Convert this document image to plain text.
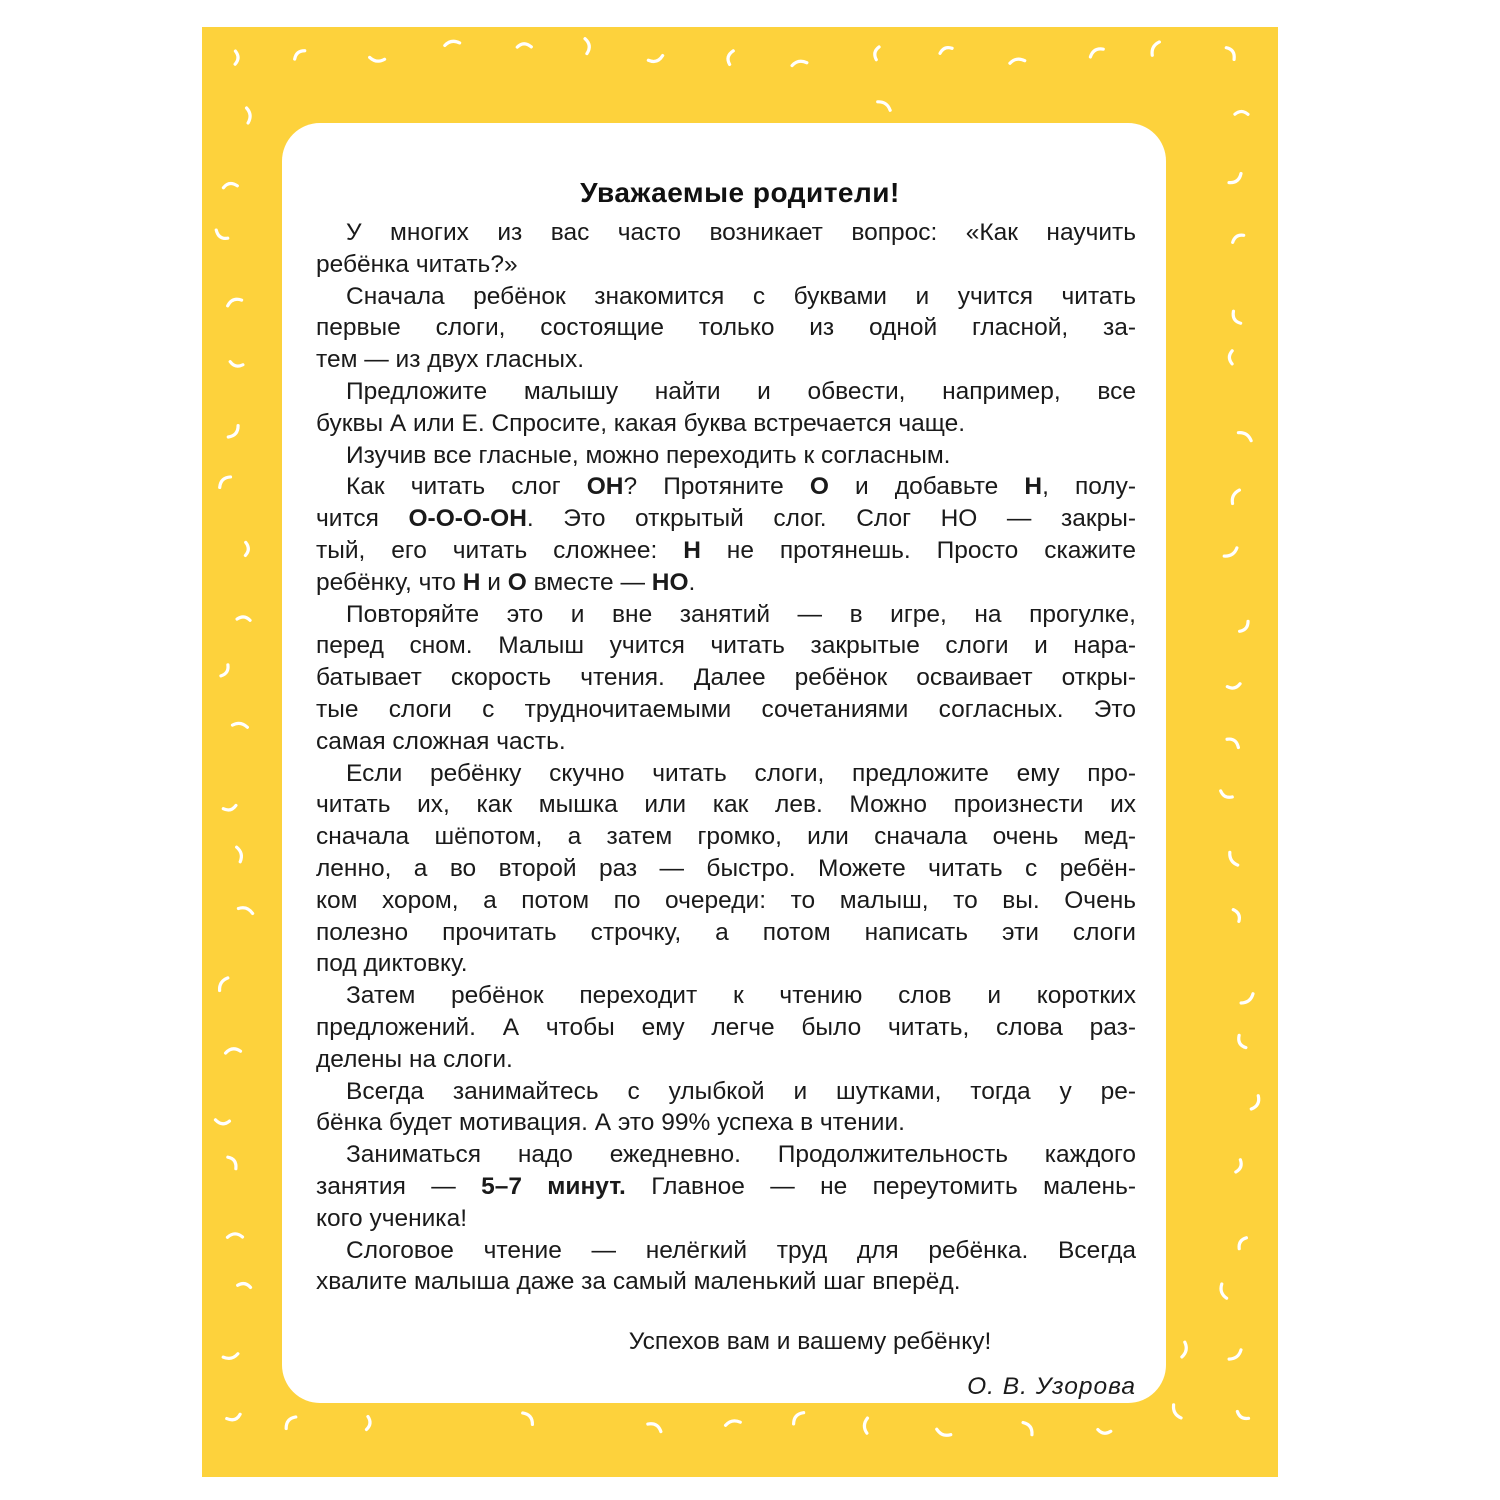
Уважаемые родители!
У многих из вас часто возникает вопрос: «Как научить
ребёнка читать?»
Сначала ребёнок знакомится с буквами и учится читать
первые слоги, состоящие только из одной гласной, за-
тем — из двух гласных.
Предложите малышу найти и обвести, например, все
буквы А или Е. Спросите, какая буква встречается чаще.
Изучив все гласные, можно переходить к согласным.
Как читать слог ОН? Протяните О и добавьте Н, полу-
чится О-О-О-ОН. Это открытый слог. Слог НО — закры-
тый, его читать сложнее: Н не протянешь. Просто скажите
ребёнку, что Н и О вместе — НО.
Повторяйте это и вне занятий — в игре, на прогулке,
перед сном. Малыш учится читать закрытые слоги и нара-
батывает скорость чтения. Далее ребёнок осваивает откры-
тые слоги с трудночитаемыми сочетаниями согласных. Это
самая сложная часть.
Если ребёнку скучно читать слоги, предложите ему про-
читать их, как мышка или как лев. Можно произнести их
сначала шёпотом, а затем громко, или сначала очень мед-
ленно, а во второй раз — быстро. Можете читать с ребён-
ком хором, а потом по очереди: то малыш, то вы. Очень
полезно прочитать строчку, а потом написать эти слоги
под диктовку.
Затем ребёнок переходит к чтению слов и коротких
предложений. А чтобы ему легче было читать, слова раз-
делены на слоги.
Всегда занимайтесь с улыбкой и шутками, тогда у ре-
бёнка будет мотивация. А это 99% успеха в чтении.
Заниматься надо ежедневно. Продолжительность каждого
занятия — 5–7 минут. Главное — не переутомить малень-
кого ученика!
Слоговое чтение — нелёгкий труд для ребёнка. Всегда
хвалите малыша даже за самый маленький шаг вперёд.

Успехов вам и вашему ребёнку!

О. В. Узорова
